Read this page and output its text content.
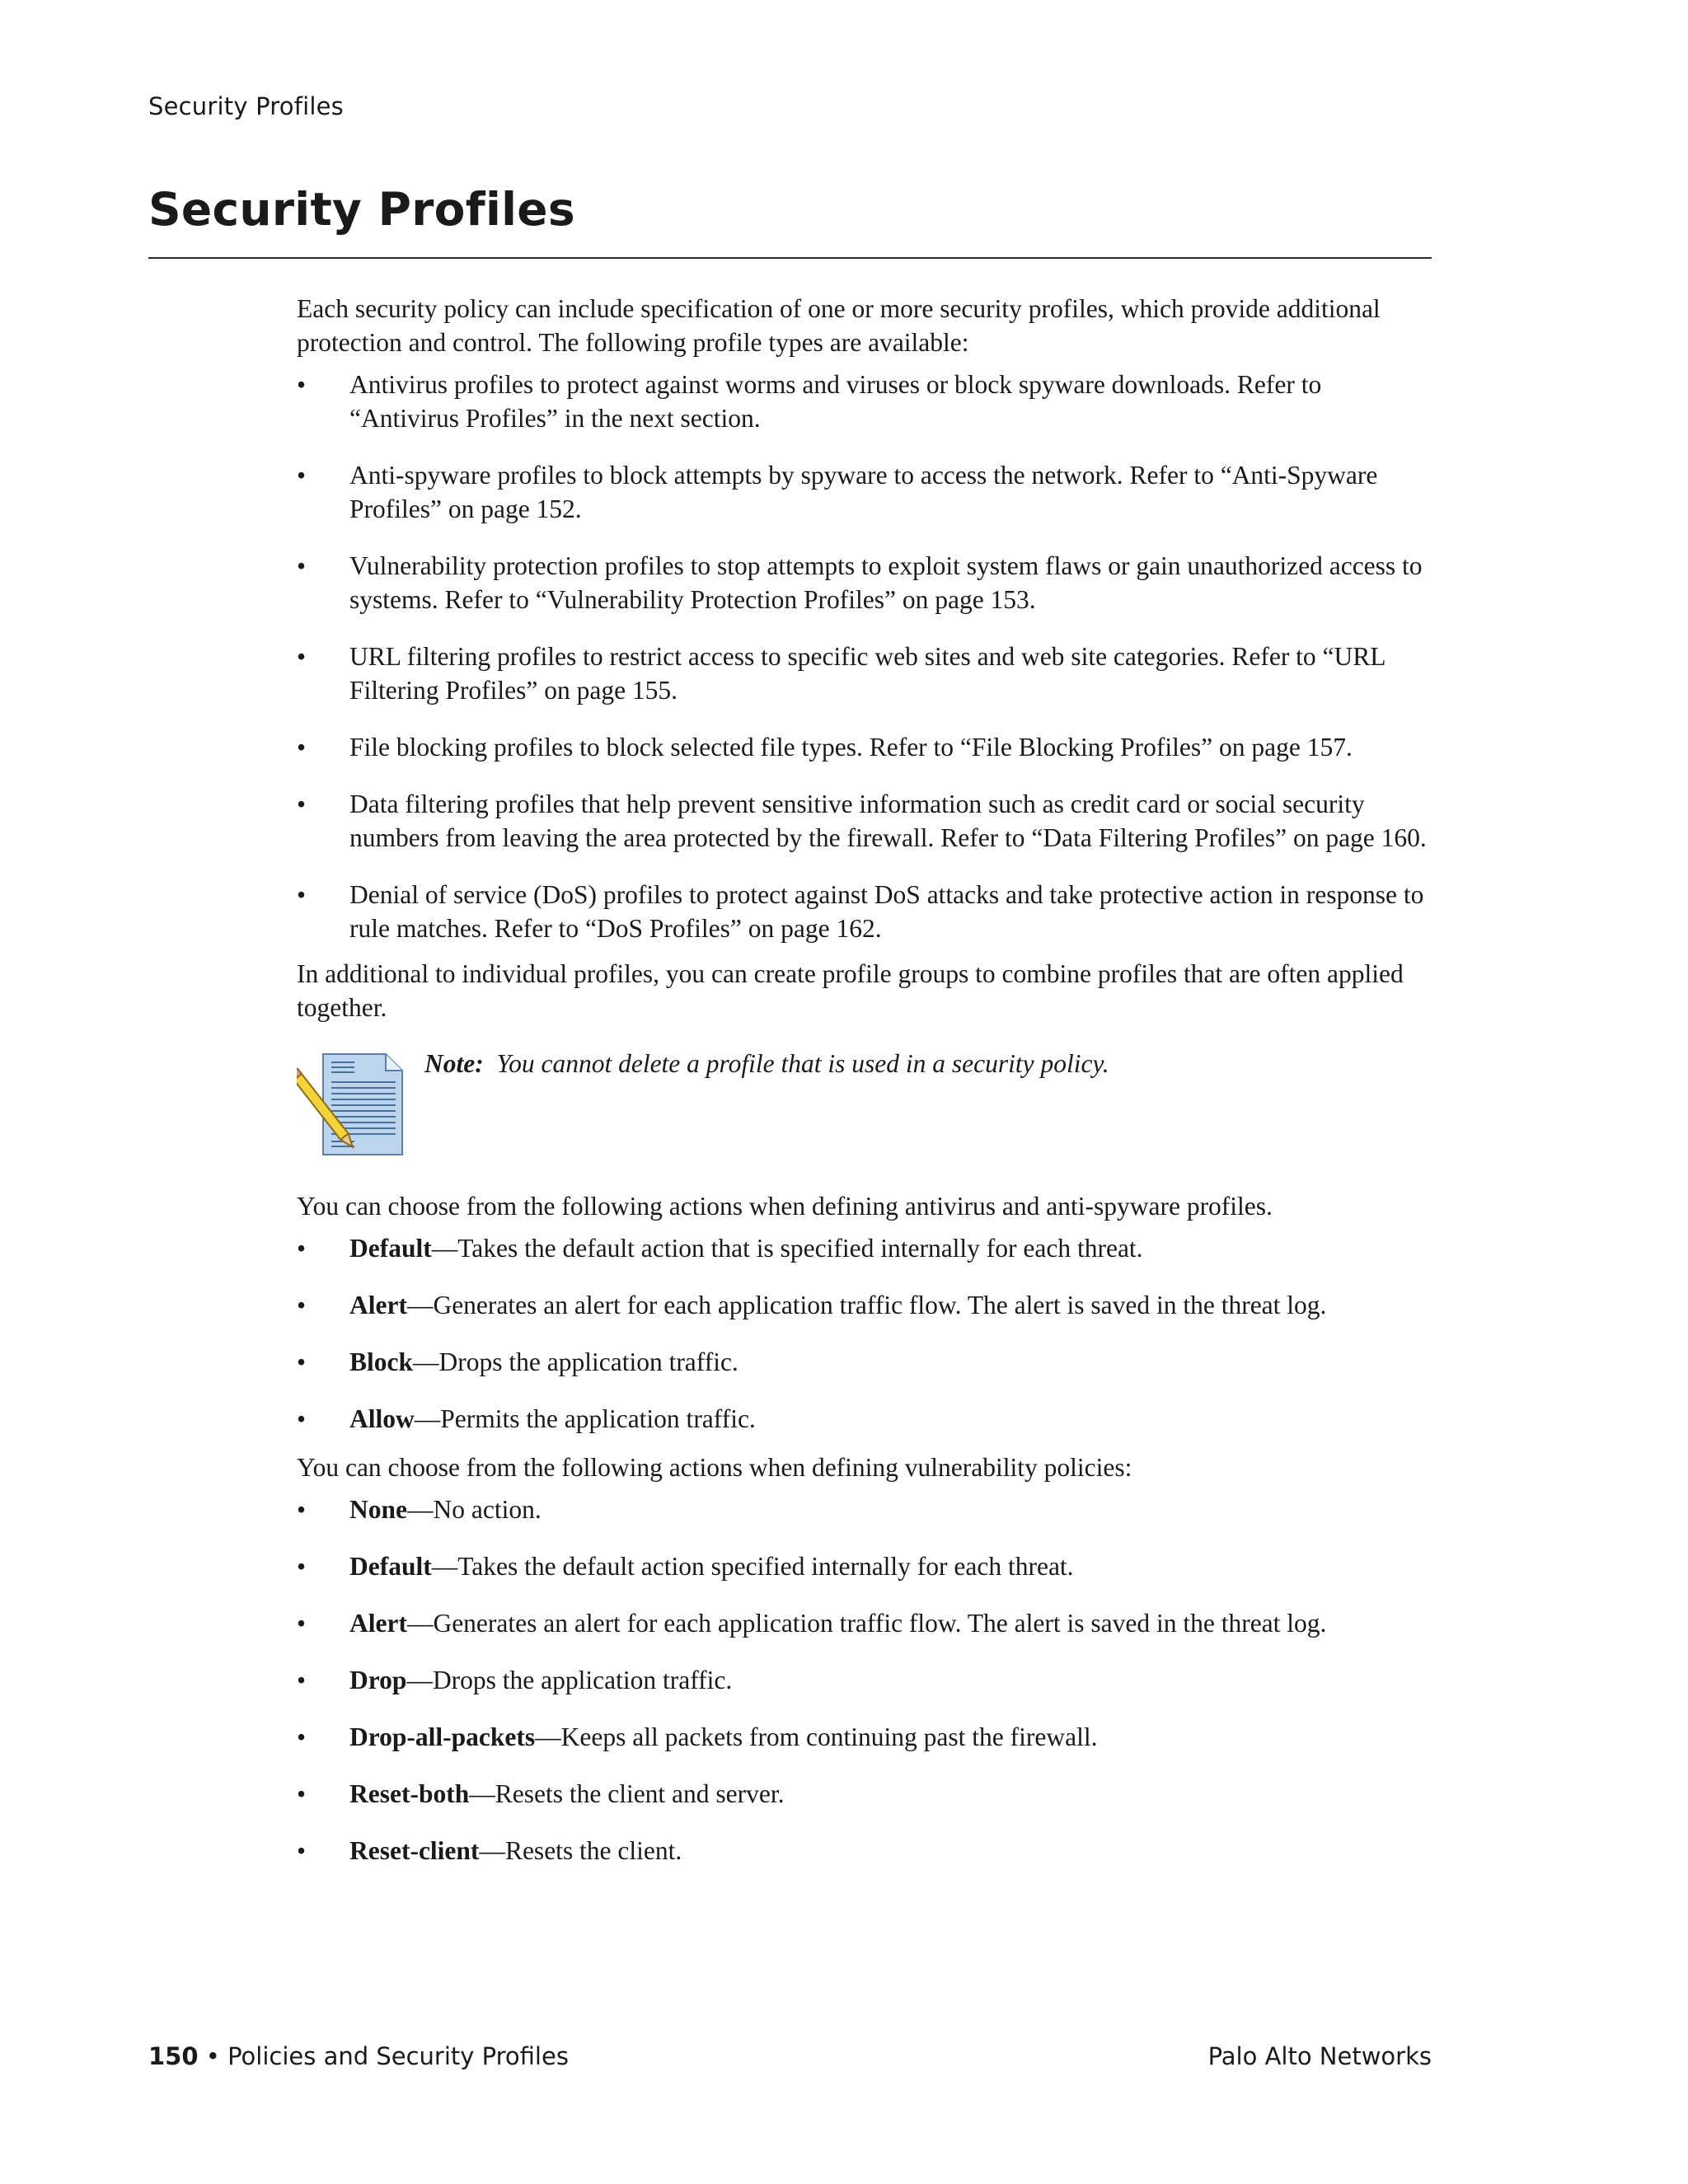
Security Profiles
Security Profiles

Each security policy can include specification of one or more security profiles, which provide additional protection and control. The following profile types are available:

• Antivirus profiles to protect against worms and viruses or block spyware downloads. Refer to “Antivirus Profiles” in the next section.
• Anti-spyware profiles to block attempts by spyware to access the network. Refer to “Anti-Spyware Profiles” on page 152.
• Vulnerability protection profiles to stop attempts to exploit system flaws or gain unauthorized access to systems. Refer to “Vulnerability Protection Profiles” on page 153.
• URL filtering profiles to restrict access to specific web sites and web site categories. Refer to “URL Filtering Profiles” on page 155.
• File blocking profiles to block selected file types. Refer to “File Blocking Profiles” on page 157.
• Data filtering profiles that help prevent sensitive information such as credit card or social security numbers from leaving the area protected by the firewall. Refer to “Data Filtering Profiles” on page 160.
• Denial of service (DoS) profiles to protect against DoS attacks and take protective action in response to rule matches. Refer to “DoS Profiles” on page 162.

In additional to individual profiles, you can create profile groups to combine profiles that are often applied together.

Note: You cannot delete a profile that is used in a security policy.

You can choose from the following actions when defining antivirus and anti-spyware profiles.

• Default—Takes the default action that is specified internally for each threat.
• Alert—Generates an alert for each application traffic flow. The alert is saved in the threat log.
• Block—Drops the application traffic.
• Allow—Permits the application traffic.

You can choose from the following actions when defining vulnerability policies:

• None—No action.
• Default—Takes the default action specified internally for each threat.
• Alert—Generates an alert for each application traffic flow. The alert is saved in the threat log.
• Drop—Drops the application traffic.
• Drop-all-packets—Keeps all packets from continuing past the firewall.
• Reset-both—Resets the client and server.
• Reset-client—Resets the client.
150 • Policies and Security Profiles	Palo Alto Networks
